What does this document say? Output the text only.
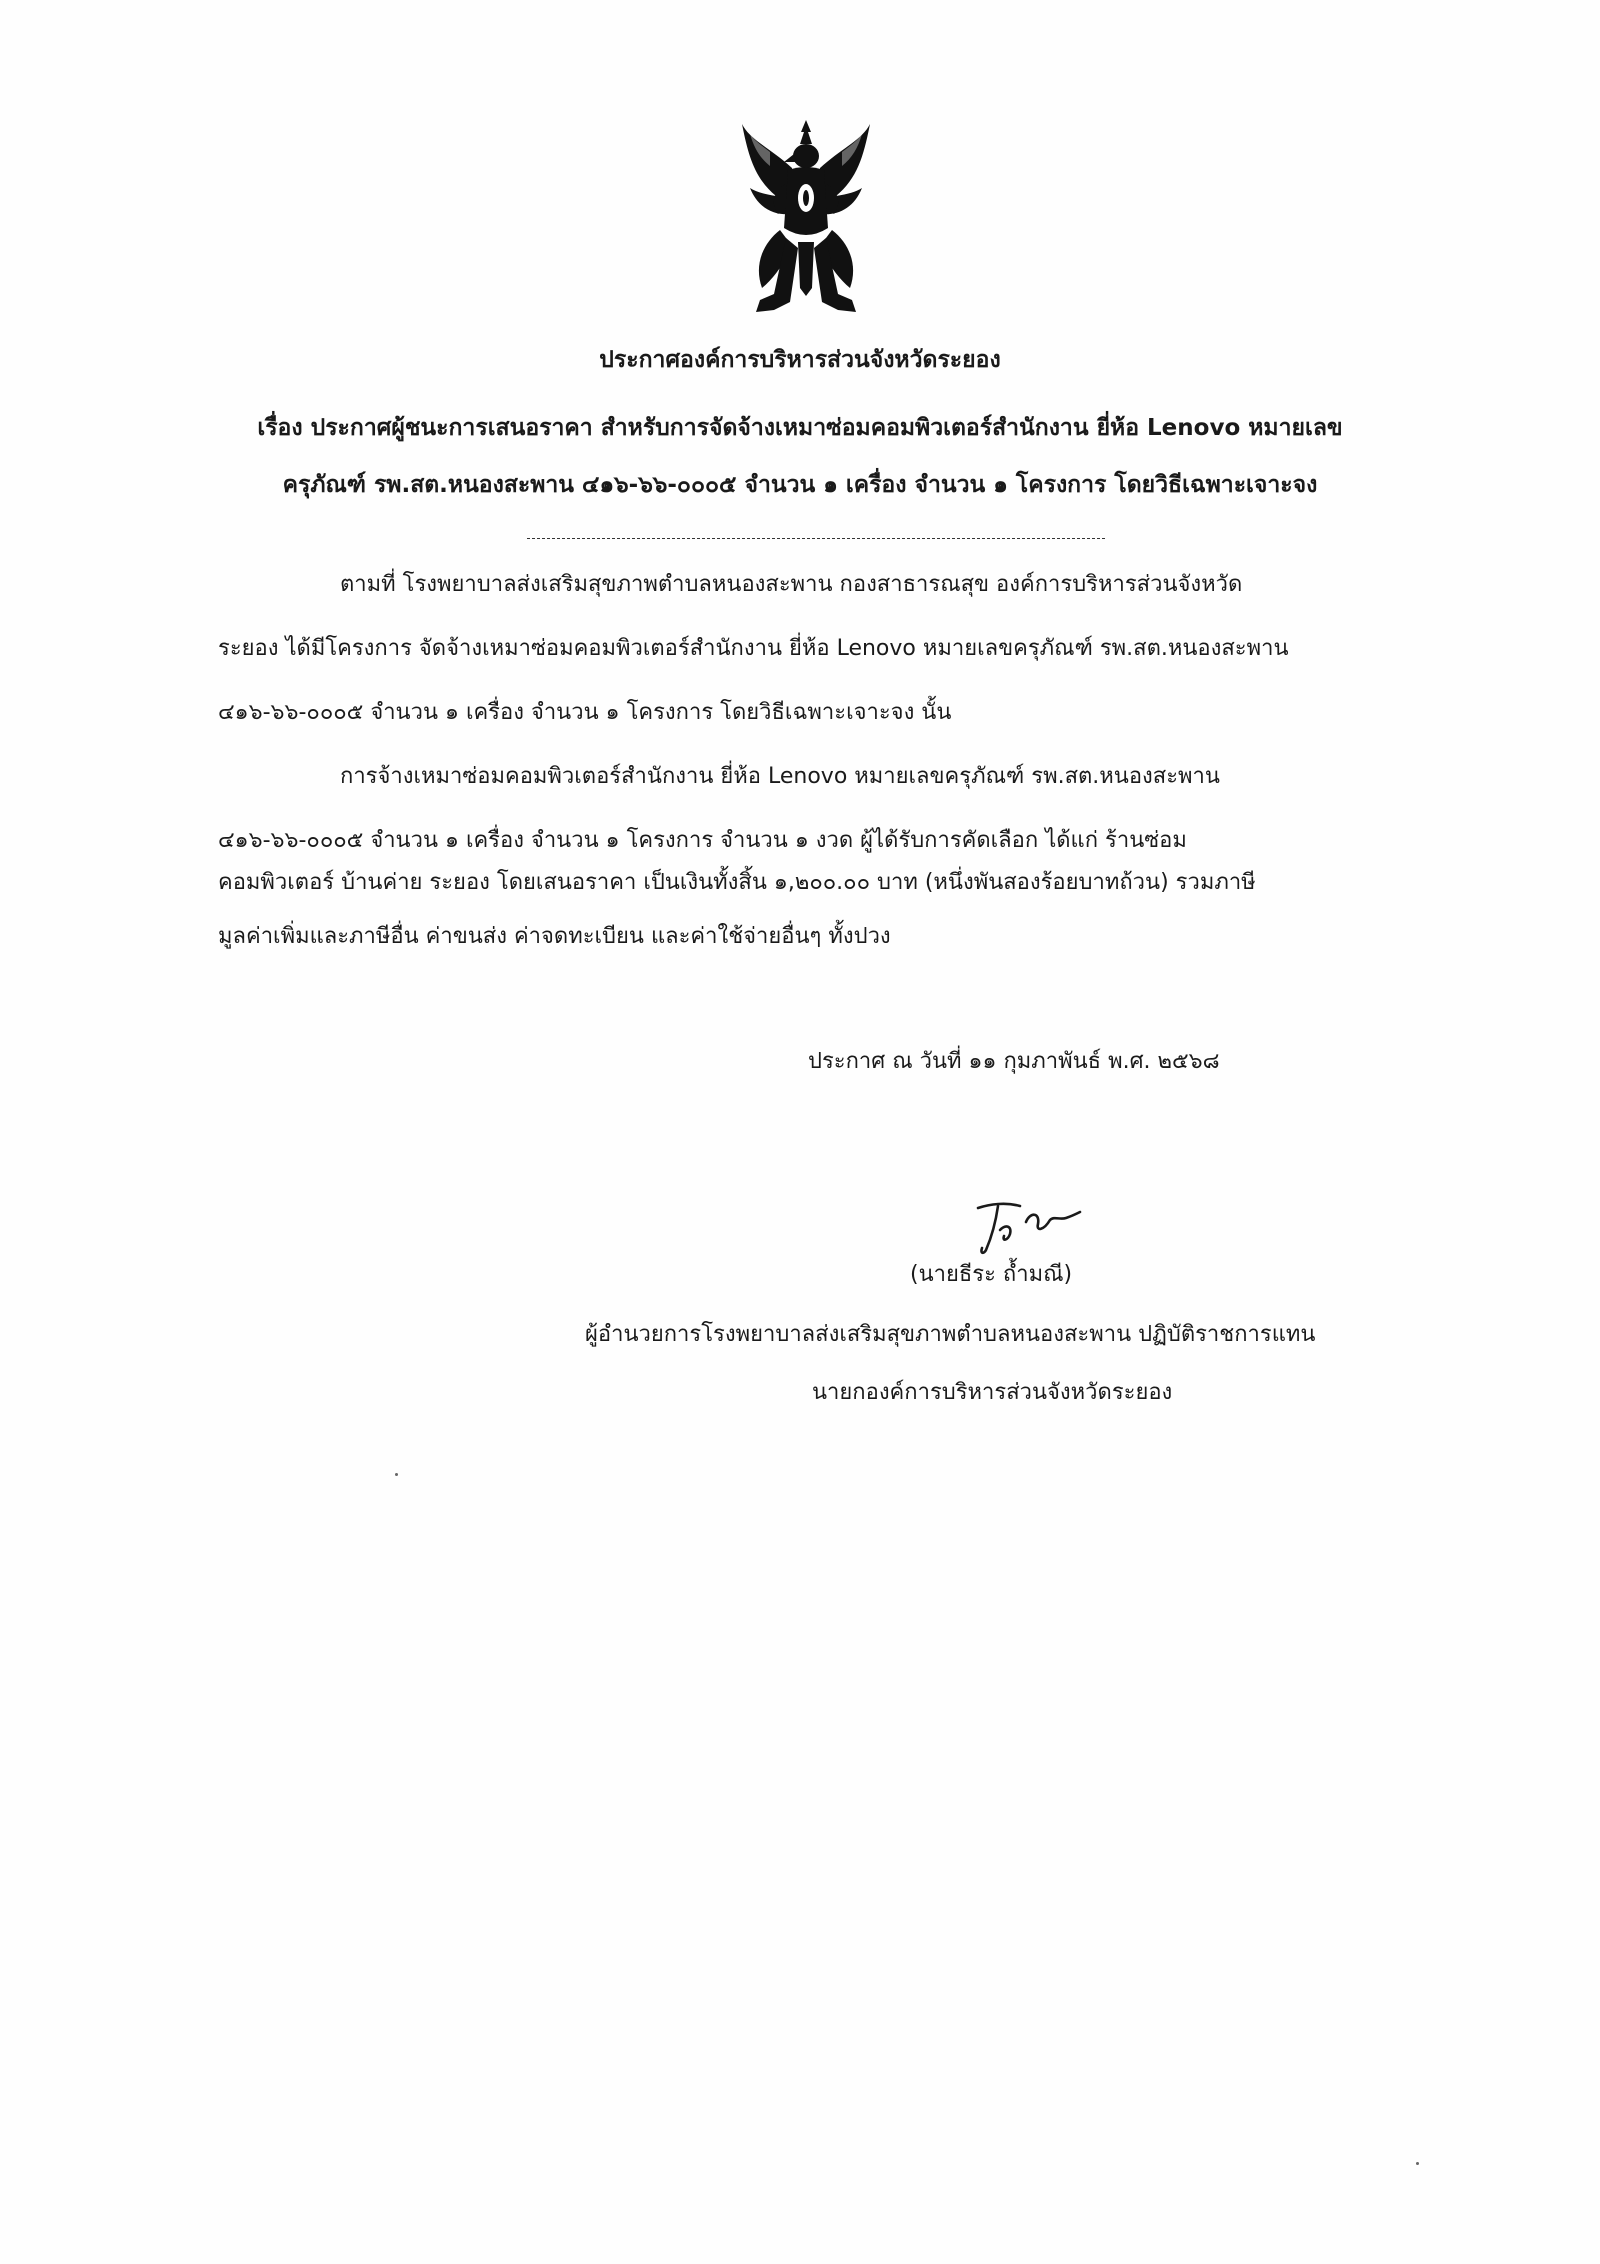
ประกาศองค์การบริหารส่วนจังหวัดระยอง
เรื่อง ประกาศผู้ชนะการเสนอราคา สำหรับการจัดจ้างเหมาซ่อมคอมพิวเตอร์สำนักงาน ยี่ห้อ Lenovo หมายเลข
ครุภัณฑ์ รพ.สต.หนองสะพาน ๔๑๖-๖๖-๐๐๐๕ จำนวน ๑ เครื่อง จำนวน ๑ โครงการ โดยวิธีเฉพาะเจาะจง
ตามที่ โรงพยาบาลส่งเสริมสุขภาพตำบลหนองสะพาน กองสาธารณสุข องค์การบริหารส่วนจังหวัด
ระยอง ได้มีโครงการ จัดจ้างเหมาซ่อมคอมพิวเตอร์สำนักงาน ยี่ห้อ Lenovo หมายเลขครุภัณฑ์ รพ.สต.หนองสะพาน
๔๑๖-๖๖-๐๐๐๕ จำนวน ๑ เครื่อง จำนวน ๑ โครงการ โดยวิธีเฉพาะเจาะจง นั้น
การจ้างเหมาซ่อมคอมพิวเตอร์สำนักงาน ยี่ห้อ Lenovo หมายเลขครุภัณฑ์ รพ.สต.หนองสะพาน
๔๑๖-๖๖-๐๐๐๕ จำนวน ๑ เครื่อง จำนวน ๑ โครงการ จำนวน ๑ งวด ผู้ได้รับการคัดเลือก ได้แก่ ร้านซ่อม
คอมพิวเตอร์ บ้านค่าย ระยอง โดยเสนอราคา เป็นเงินทั้งสิ้น ๑,๒๐๐.๐๐ บาท (หนึ่งพันสองร้อยบาทถ้วน) รวมภาษี
มูลค่าเพิ่มและภาษีอื่น ค่าขนส่ง ค่าจดทะเบียน และค่าใช้จ่ายอื่นๆ ทั้งปวง
ประกาศ ณ วันที่ ๑๑ กุมภาพันธ์ พ.ศ. ๒๕๖๘
(นายธีระ ถ้ำมณี)
ผู้อำนวยการโรงพยาบาลส่งเสริมสุขภาพตำบลหนองสะพาน ปฏิบัติราชการแทน
นายกองค์การบริหารส่วนจังหวัดระยอง
